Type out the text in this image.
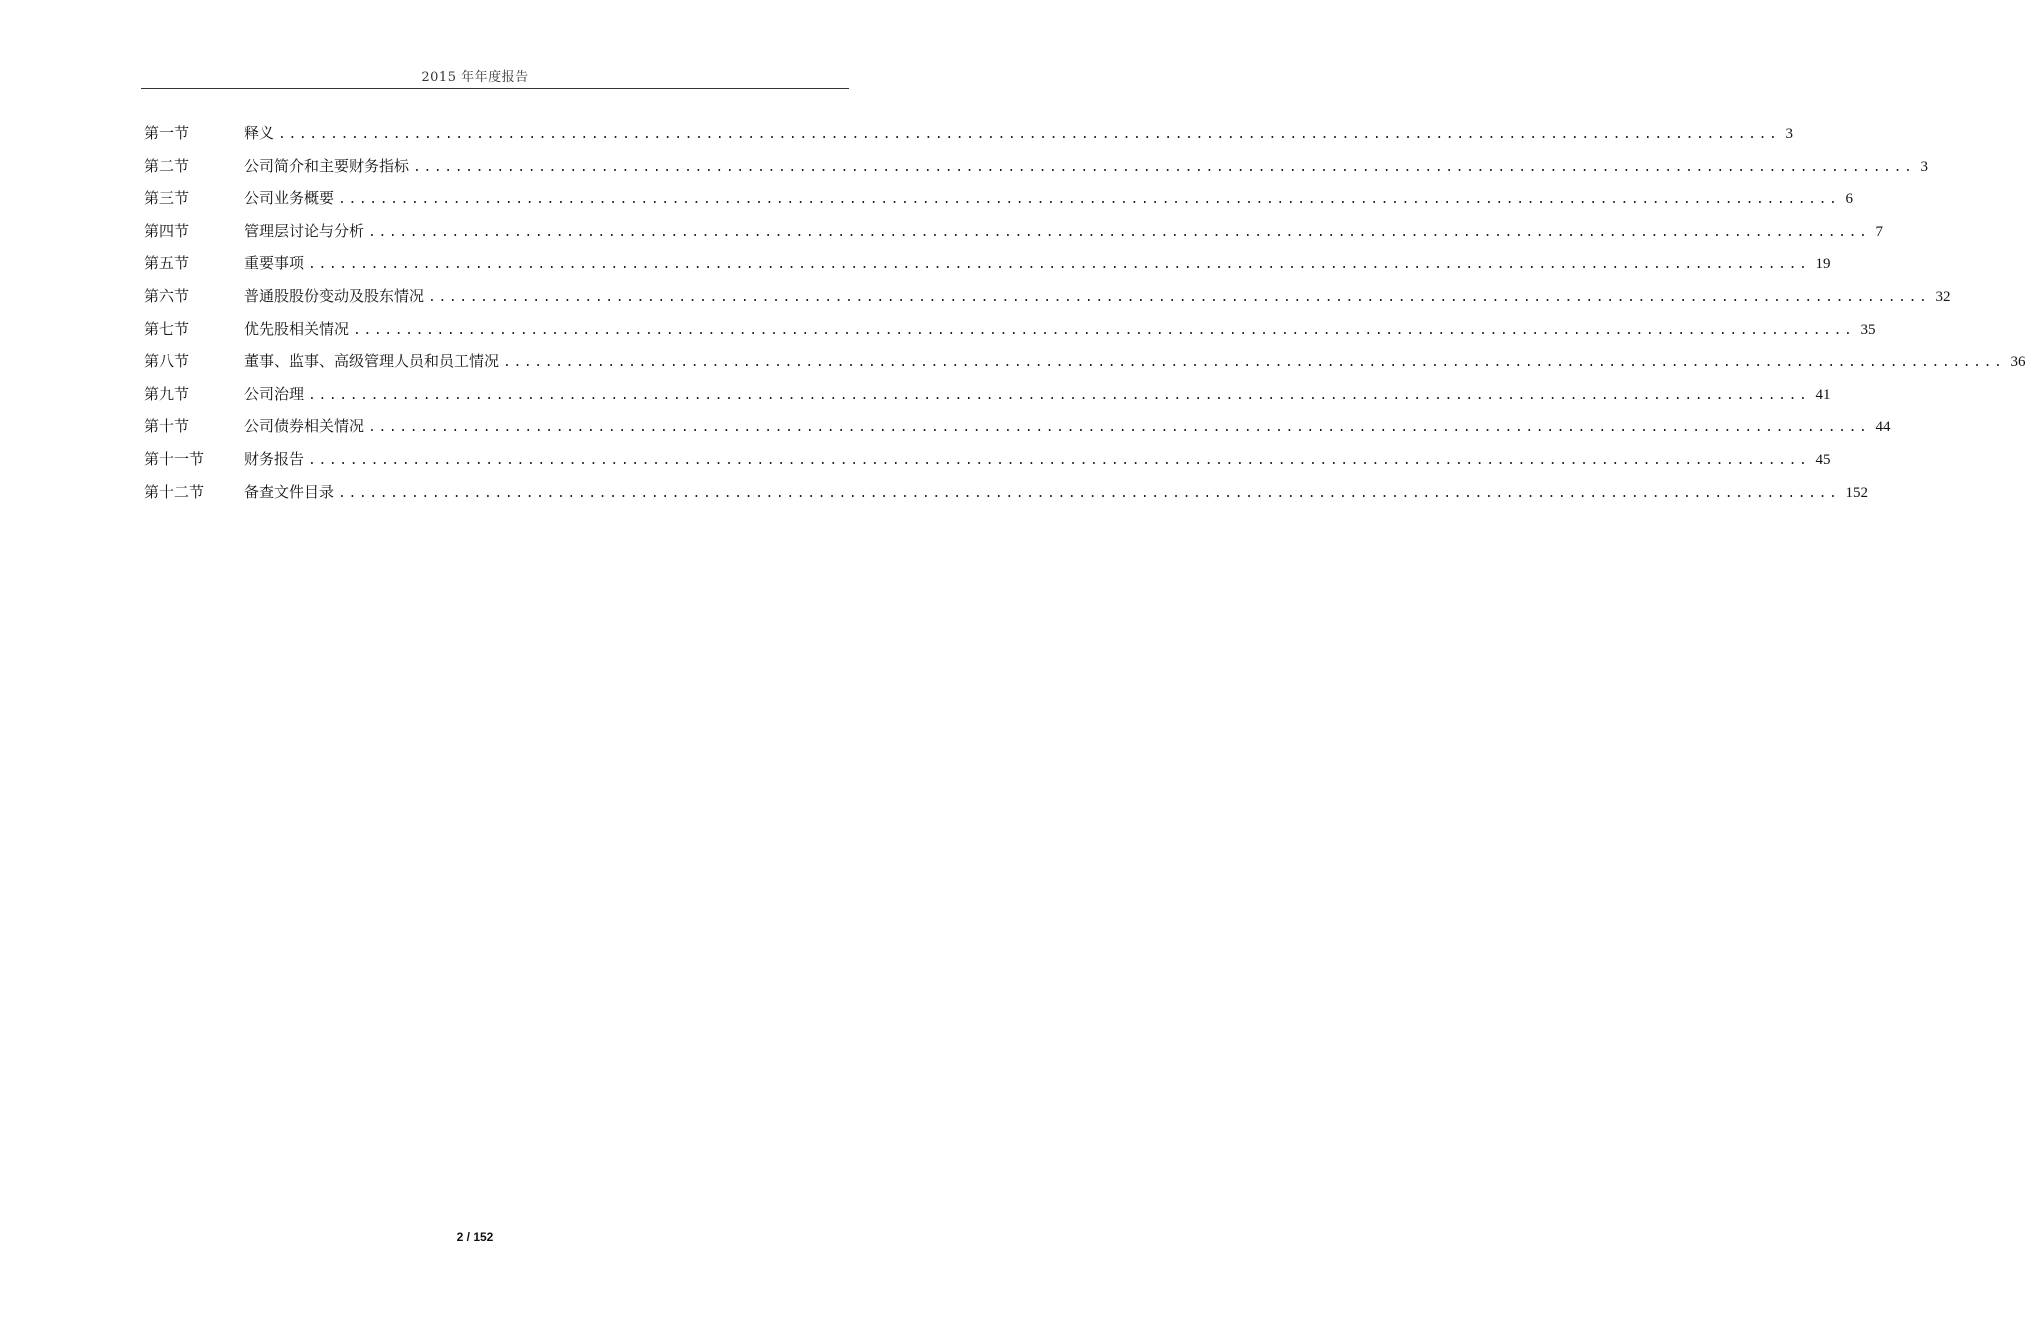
2015 年年度报告
第一节	释义 ................................................................................................................................................ 3
第二节	公司简介和主要财务指标 ................................................................................................................................................ 3
第三节	公司业务概要 ................................................................................................................................................ 6
第四节	管理层讨论与分析 ................................................................................................................................................ 7
第五节	重要事项 ................................................................................................................................................ 19
第六节	普通股股份变动及股东情况 ................................................................................................................................................ 32
第七节	优先股相关情况 ................................................................................................................................................ 35
第八节	董事、监事、高级管理人员和员工情况 ................................................................................................................................................ 36
第九节	公司治理 ................................................................................................................................................ 41
第十节	公司债券相关情况 ................................................................................................................................................ 44
第十一节	财务报告 ................................................................................................................................................ 45
第十二节	备查文件目录 ................................................................................................................................................ 152
2 / 152
